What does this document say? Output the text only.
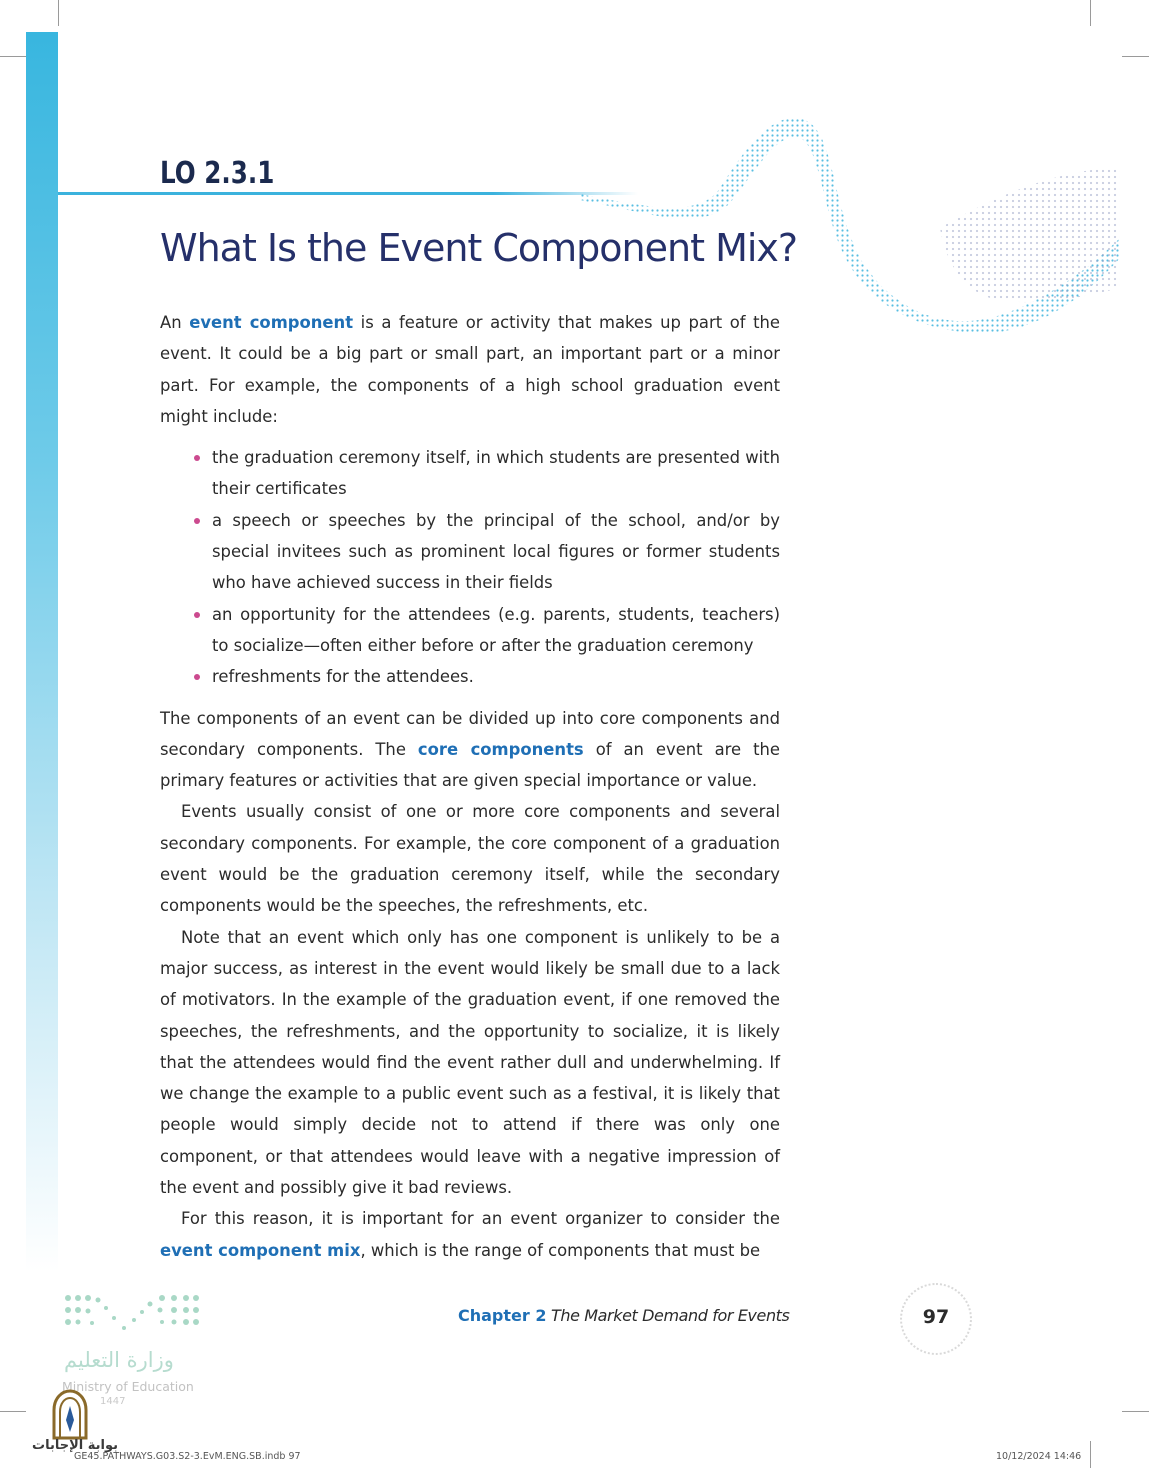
LO 2.3.1
What Is the Event Component Mix?

An event component is a feature or activity that makes up part of the event. It could be a big part or small part, an important part or a minor part. For example, the components of a high school graduation event might include:

the graduation ceremony itself, in which students are presented with their certificates
a speech or speeches by the principal of the school, and/or by special invitees such as prominent local figures or former students who have achieved success in their fields
an opportunity for the attendees (e.g. parents, students, teachers) to socialize—often either before or after the graduation ceremony
refreshments for the attendees.

The components of an event can be divided up into core components and secondary components. The core components of an event are the primary features or activities that are given special importance or value.

Events usually consist of one or more core components and several secondary components. For example, the core component of a graduation event would be the graduation ceremony itself, while the secondary components would be the speeches, the refreshments, etc.

Note that an event which only has one component is unlikely to be a major success, as interest in the event would likely be small due to a lack of motivators. In the example of the graduation event, if one removed the speeches, the refreshments, and the opportunity to socialize, it is likely that the attendees would find the event rather dull and underwhelming. If we change the example to a public event such as a festival, it is likely that people would simply decide not to attend if there was only one component, or that attendees would leave with a negative impression of the event and possibly give it bad reviews.

For this reason, it is important for an event organizer to consider the event component mix, which is the range of components that must be

Chapter 2 The Market Demand for Events	97
وزارة التعليم
Ministry of Education
1447
بوابة الإجابات
GE45.PATHWAYS.G03.S2-3.EvM.ENG.SB.indb 97	10/12/2024 14:46
